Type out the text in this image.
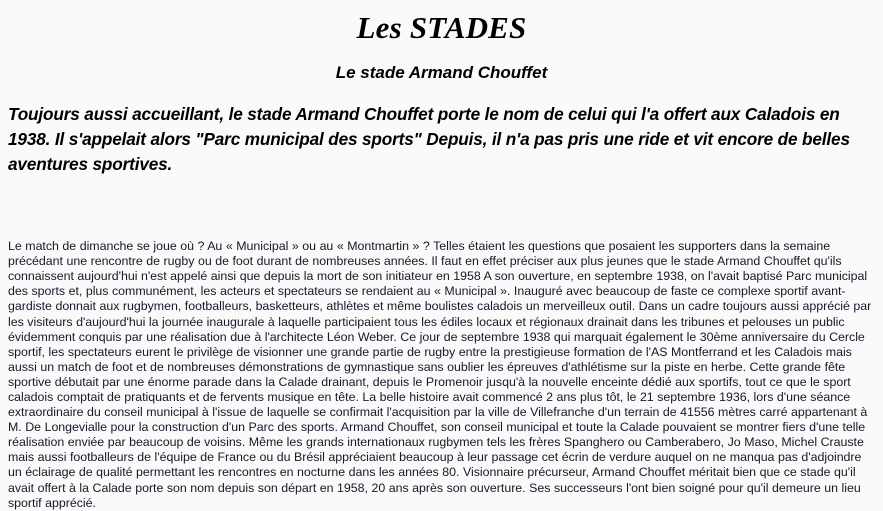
Les STADES
Le stade Armand Chouffet

Toujours aussi accueillant, le stade Armand Chouffet porte le nom de celui qui l'a offert aux Caladois en 1938. Il s'appelait alors "Parc municipal des sports" Depuis, il n'a pas pris une ride et vit encore de belles aventures sportives.

Le match de dimanche se joue où ? Au « Municipal » ou au « Montmartin » ? Telles étaient les questions que posaient les supporters dans la semaine précédant une rencontre de rugby ou de foot durant de nombreuses années. Il faut en effet préciser aux plus jeunes que le stade Armand Chouffet qu'ils connaissent aujourd'hui n'est appelé ainsi que depuis la mort de son initiateur en 1958 A son ouverture, en septembre 1938, on l'avait baptisé Parc municipal des sports et, plus communément, les acteurs et spectateurs se rendaient au « Municipal ». Inauguré avec beaucoup de faste ce complexe sportif avant-gardiste donnait aux rugbymen, footballeurs, basketteurs, athlètes et même boulistes caladois un merveilleux outil. Dans un cadre toujours aussi apprécié par les visiteurs d'aujourd'hui la journée inaugurale à laquelle participaient tous les édiles locaux et régionaux drainait dans les tribunes et pelouses un public évidemment conquis par une réalisation due à l'architecte Léon Weber. Ce jour de septembre 1938 qui marquait également le 30ème anniversaire du Cercle sportif, les spectateurs eurent le privilège de visionner une grande partie de rugby entre la prestigieuse formation de l'AS Montferrand et les Caladois mais aussi un match de foot et de nombreuses démonstrations de gymnastique sans oublier les épreuves d'athlétisme sur la piste en herbe. Cette grande fête sportive débutait par une énorme parade dans la Calade drainant, depuis le Promenoir jusqu'à la nouvelle enceinte dédié aux sportifs, tout ce que le sport caladois comptait de pratiquants et de fervents musique en tête. La belle histoire avait commencé 2 ans plus tôt, le 21 septembre 1936, lors d'une séance extraordinaire du conseil municipal à l'issue de laquelle se confirmait l'acquisition par la ville de Villefranche d'un terrain de 41556 mètres carré appartenant à M. De Longevialle pour la construction d'un Parc des sports. Armand Chouffet, son conseil municipal et toute la Calade pouvaient se montrer fiers d'une telle réalisation enviée par beaucoup de voisins. Même les grands internationaux rugbymen tels les frères Spanghero ou Camberabero, Jo Maso, Michel Crauste mais aussi footballeurs de l'équipe de France ou du Brésil appréciaient beaucoup à leur passage cet écrin de verdure auquel on ne manqua pas d'adjoindre un éclairage de qualité permettant les rencontres en nocturne dans les années 80. Visionnaire précurseur, Armand Chouffet méritait bien que ce stade qu'il avait offert à la Calade porte son nom depuis son départ en 1958, 20 ans après son ouverture. Ses successeurs l'ont bien soigné pour qu'il demeure un lieu sportif apprécié.
